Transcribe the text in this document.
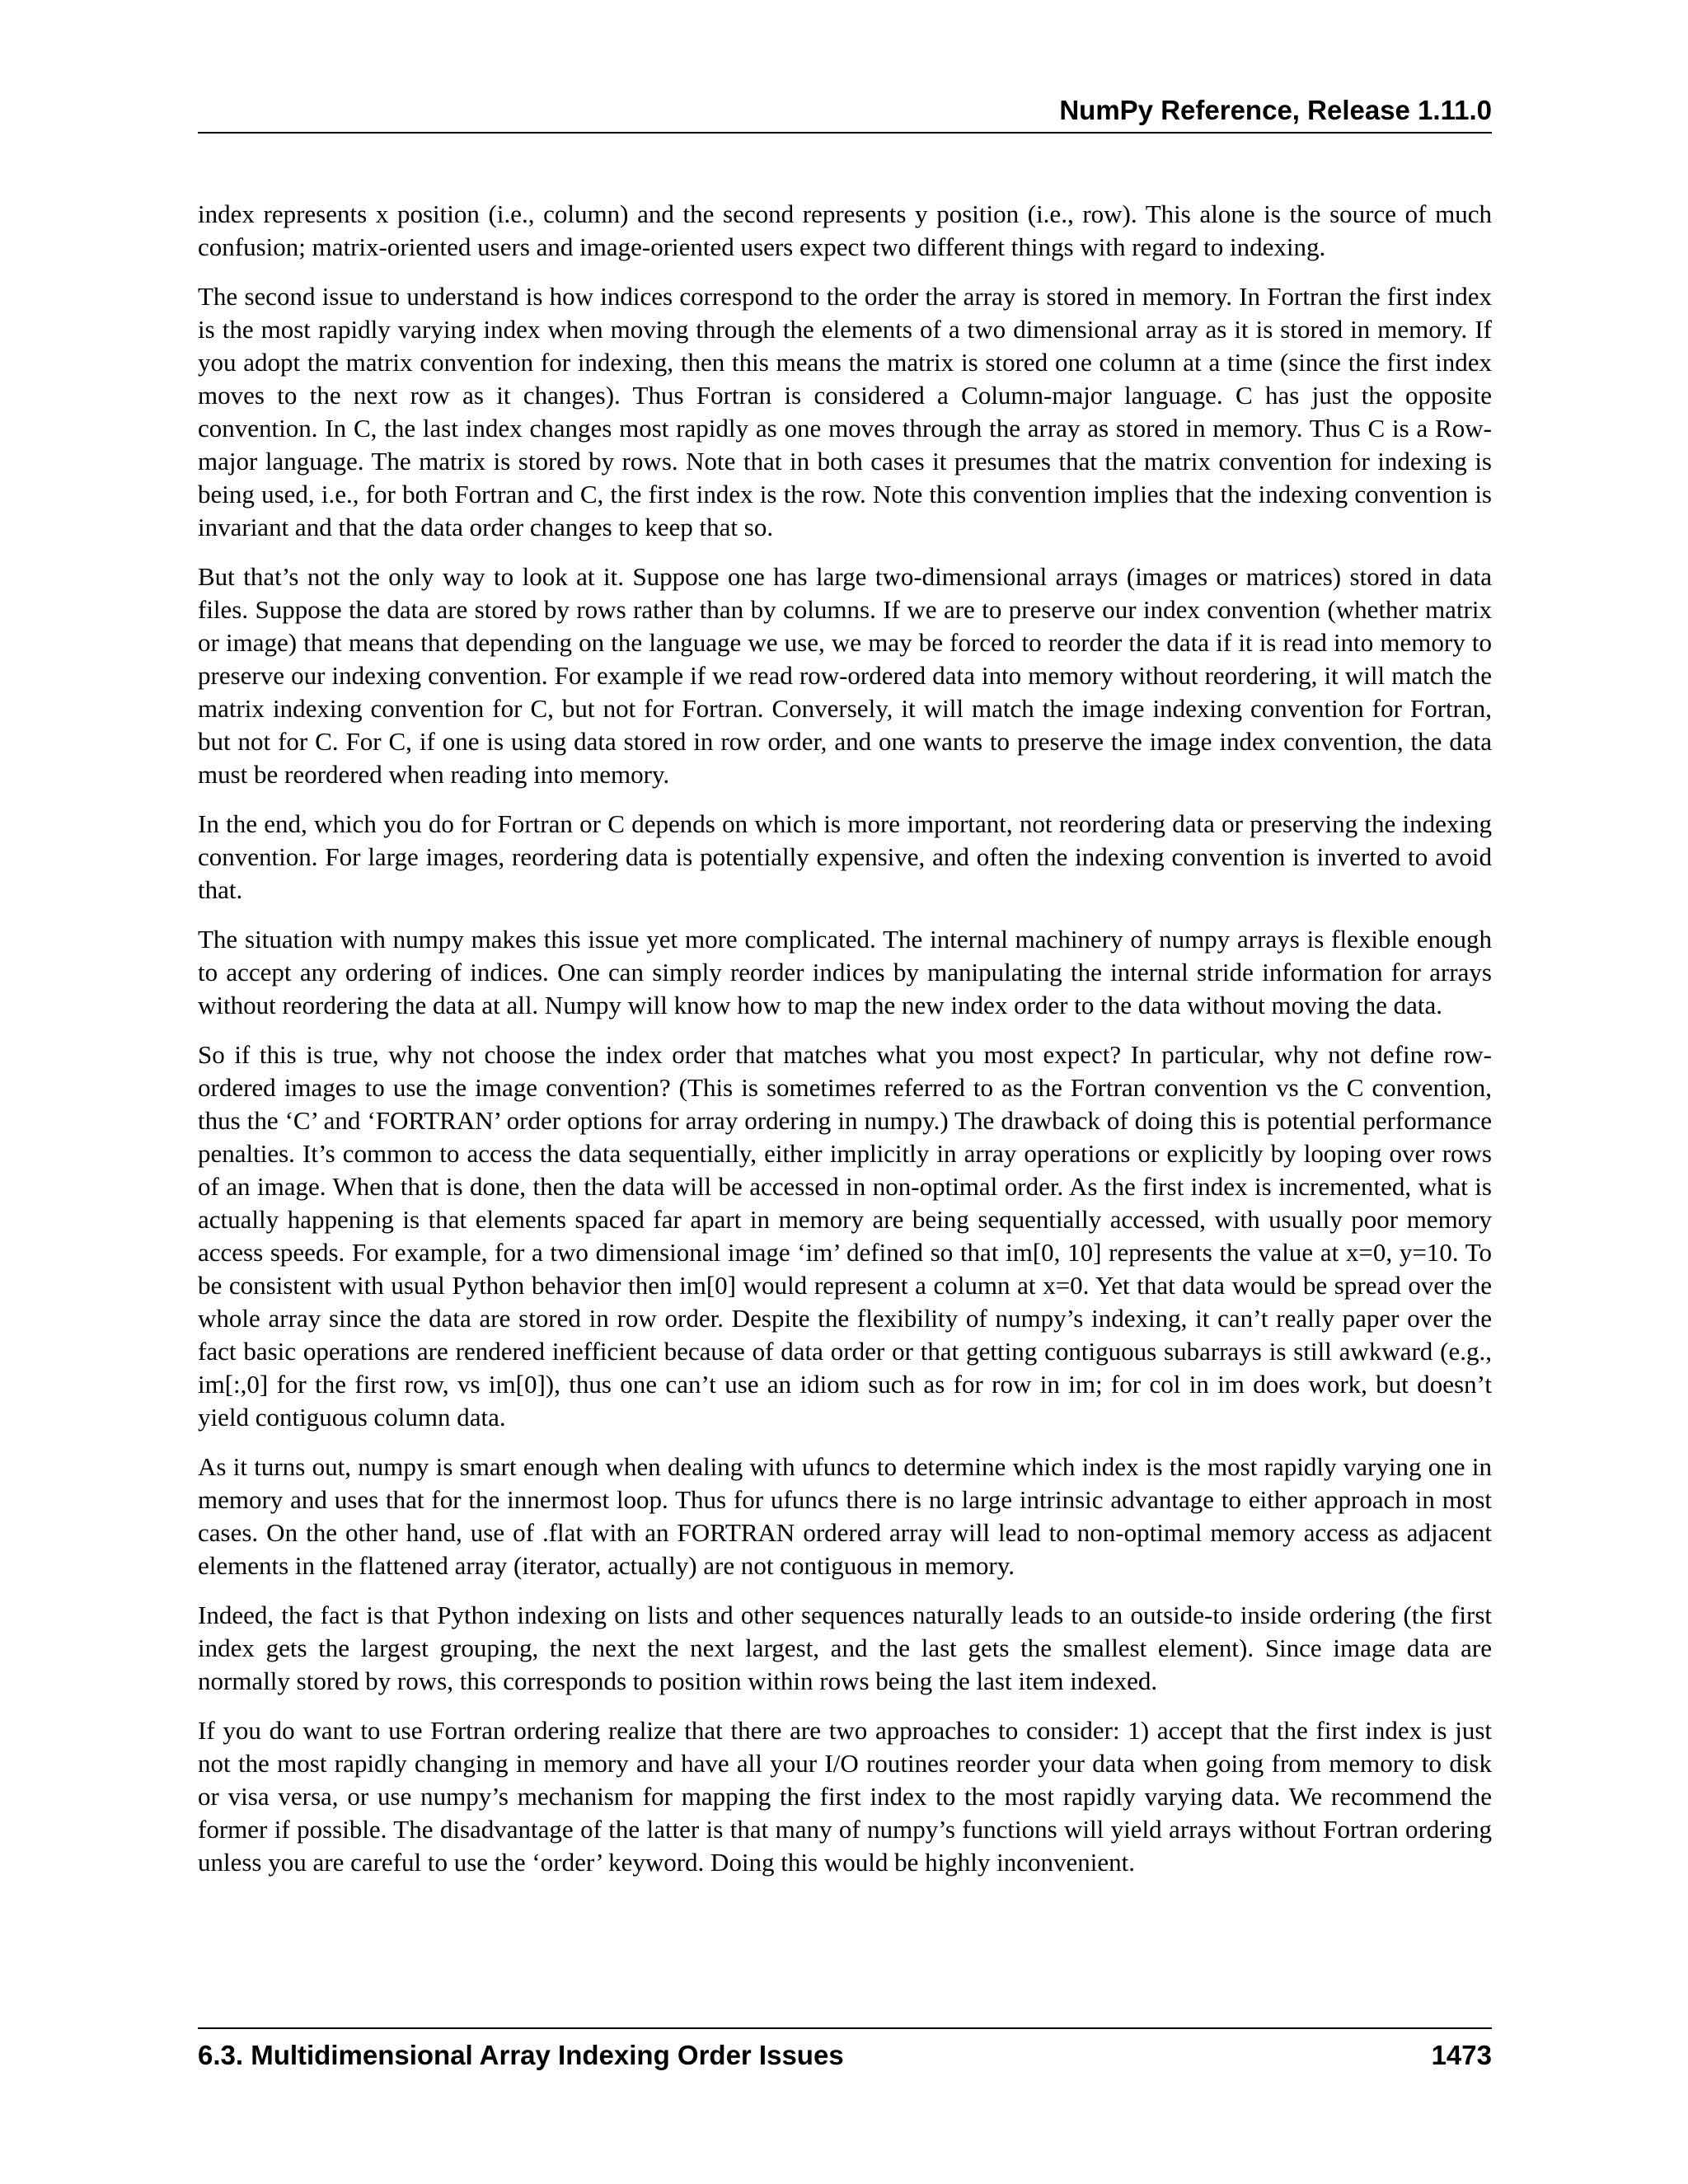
NumPy Reference, Release 1.11.0

index represents x position (i.e., column) and the second represents y position (i.e., row). This alone is the source of much confusion; matrix-oriented users and image-oriented users expect two different things with regard to indexing.

The second issue to understand is how indices correspond to the order the array is stored in memory. In Fortran the first index is the most rapidly varying index when moving through the elements of a two dimensional array as it is stored in memory. If you adopt the matrix convention for indexing, then this means the matrix is stored one column at a time (since the first index moves to the next row as it changes). Thus Fortran is considered a Column-major language. C has just the opposite convention. In C, the last index changes most rapidly as one moves through the array as stored in memory. Thus C is a Row-major language. The matrix is stored by rows. Note that in both cases it presumes that the matrix convention for indexing is being used, i.e., for both Fortran and C, the first index is the row. Note this convention implies that the indexing convention is invariant and that the data order changes to keep that so.

But that’s not the only way to look at it. Suppose one has large two-dimensional arrays (images or matrices) stored in data files. Suppose the data are stored by rows rather than by columns. If we are to preserve our index convention (whether matrix or image) that means that depending on the language we use, we may be forced to reorder the data if it is read into memory to preserve our indexing convention. For example if we read row-ordered data into memory without reordering, it will match the matrix indexing convention for C, but not for Fortran. Conversely, it will match the image indexing convention for Fortran, but not for C. For C, if one is using data stored in row order, and one wants to preserve the image index convention, the data must be reordered when reading into memory.

In the end, which you do for Fortran or C depends on which is more important, not reordering data or preserving the indexing convention. For large images, reordering data is potentially expensive, and often the indexing convention is inverted to avoid that.

The situation with numpy makes this issue yet more complicated. The internal machinery of numpy arrays is flexible enough to accept any ordering of indices. One can simply reorder indices by manipulating the internal stride information for arrays without reordering the data at all. Numpy will know how to map the new index order to the data without moving the data.

So if this is true, why not choose the index order that matches what you most expect? In particular, why not define row-ordered images to use the image convention? (This is sometimes referred to as the Fortran convention vs the C convention, thus the ‘C’ and ‘FORTRAN’ order options for array ordering in numpy.) The drawback of doing this is potential performance penalties. It’s common to access the data sequentially, either implicitly in array operations or explicitly by looping over rows of an image. When that is done, then the data will be accessed in non-optimal order. As the first index is incremented, what is actually happening is that elements spaced far apart in memory are being sequentially accessed, with usually poor memory access speeds. For example, for a two dimensional image ‘im’ defined so that im[0, 10] represents the value at x=0, y=10. To be consistent with usual Python behavior then im[0] would represent a column at x=0. Yet that data would be spread over the whole array since the data are stored in row order. Despite the flexibility of numpy’s indexing, it can’t really paper over the fact basic operations are rendered inefficient because of data order or that getting contiguous subarrays is still awkward (e.g., im[:,0] for the first row, vs im[0]), thus one can’t use an idiom such as for row in im; for col in im does work, but doesn’t yield contiguous column data.

As it turns out, numpy is smart enough when dealing with ufuncs to determine which index is the most rapidly varying one in memory and uses that for the innermost loop. Thus for ufuncs there is no large intrinsic advantage to either approach in most cases. On the other hand, use of .flat with an FORTRAN ordered array will lead to non-optimal memory access as adjacent elements in the flattened array (iterator, actually) are not contiguous in memory.

Indeed, the fact is that Python indexing on lists and other sequences naturally leads to an outside-to inside ordering (the first index gets the largest grouping, the next the next largest, and the last gets the smallest element). Since image data are normally stored by rows, this corresponds to position within rows being the last item indexed.

If you do want to use Fortran ordering realize that there are two approaches to consider: 1) accept that the first index is just not the most rapidly changing in memory and have all your I/O routines reorder your data when going from memory to disk or visa versa, or use numpy’s mechanism for mapping the first index to the most rapidly varying data. We recommend the former if possible. The disadvantage of the latter is that many of numpy’s functions will yield arrays without Fortran ordering unless you are careful to use the ‘order’ keyword. Doing this would be highly inconvenient.

6.3. Multidimensional Array Indexing Order Issues	1473
